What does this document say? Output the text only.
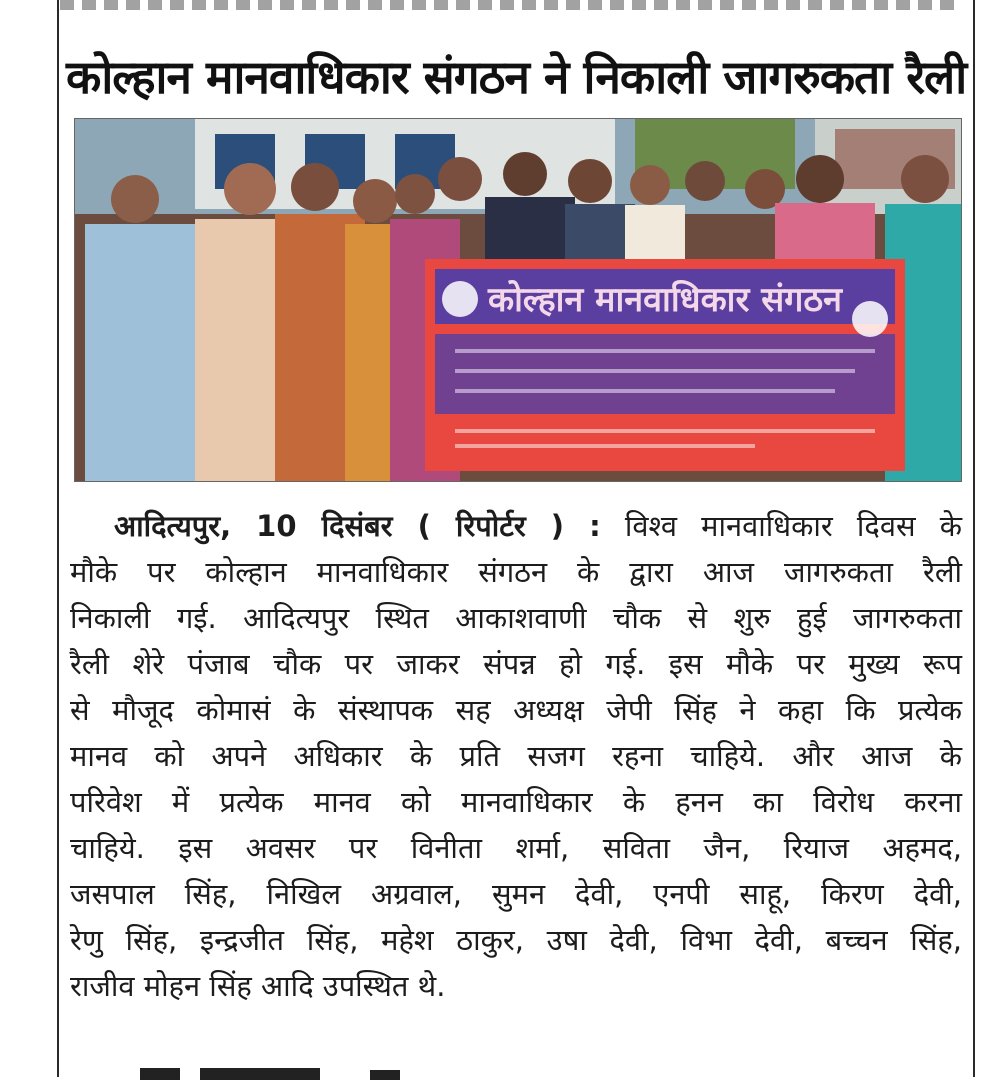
कोल्हान मानवाधिकार संगठन ने निकाली जागरुकता रैली
कोल्हान मानवाधिकार संगठन
आदित्यपुर, 10 दिसंबर ( रिपोर्टर ) : विश्व मानवाधिकार दिवस के
मौके पर कोल्हान मानवाधिकार संगठन के द्वारा आज जागरुकता रैली
निकाली गई. आदित्यपुर स्थित आकाशवाणी चौक से शुरु हुई जागरुकता
रैली शेरे पंजाब चौक पर जाकर संपन्न हो गई. इस मौके पर मुख्य रूप
से मौजूद कोमासं के संस्थापक सह अध्यक्ष जेपी सिंह ने कहा कि प्रत्येक
मानव को अपने अधिकार के प्रति सजग रहना चाहिये. और आज के
परिवेश में प्रत्येक मानव को मानवाधिकार के हनन का विरोध करना
चाहिये. इस अवसर पर विनीता शर्मा, सविता जैन, रियाज अहमद,
जसपाल सिंह, निखिल अग्रवाल, सुमन देवी, एनपी साहू, किरण देवी,
रेणु सिंह, इन्द्रजीत सिंह, महेश ठाकुर, उषा देवी, विभा देवी, बच्चन सिंह,
राजीव मोहन सिंह आदि उपस्थित थे.
